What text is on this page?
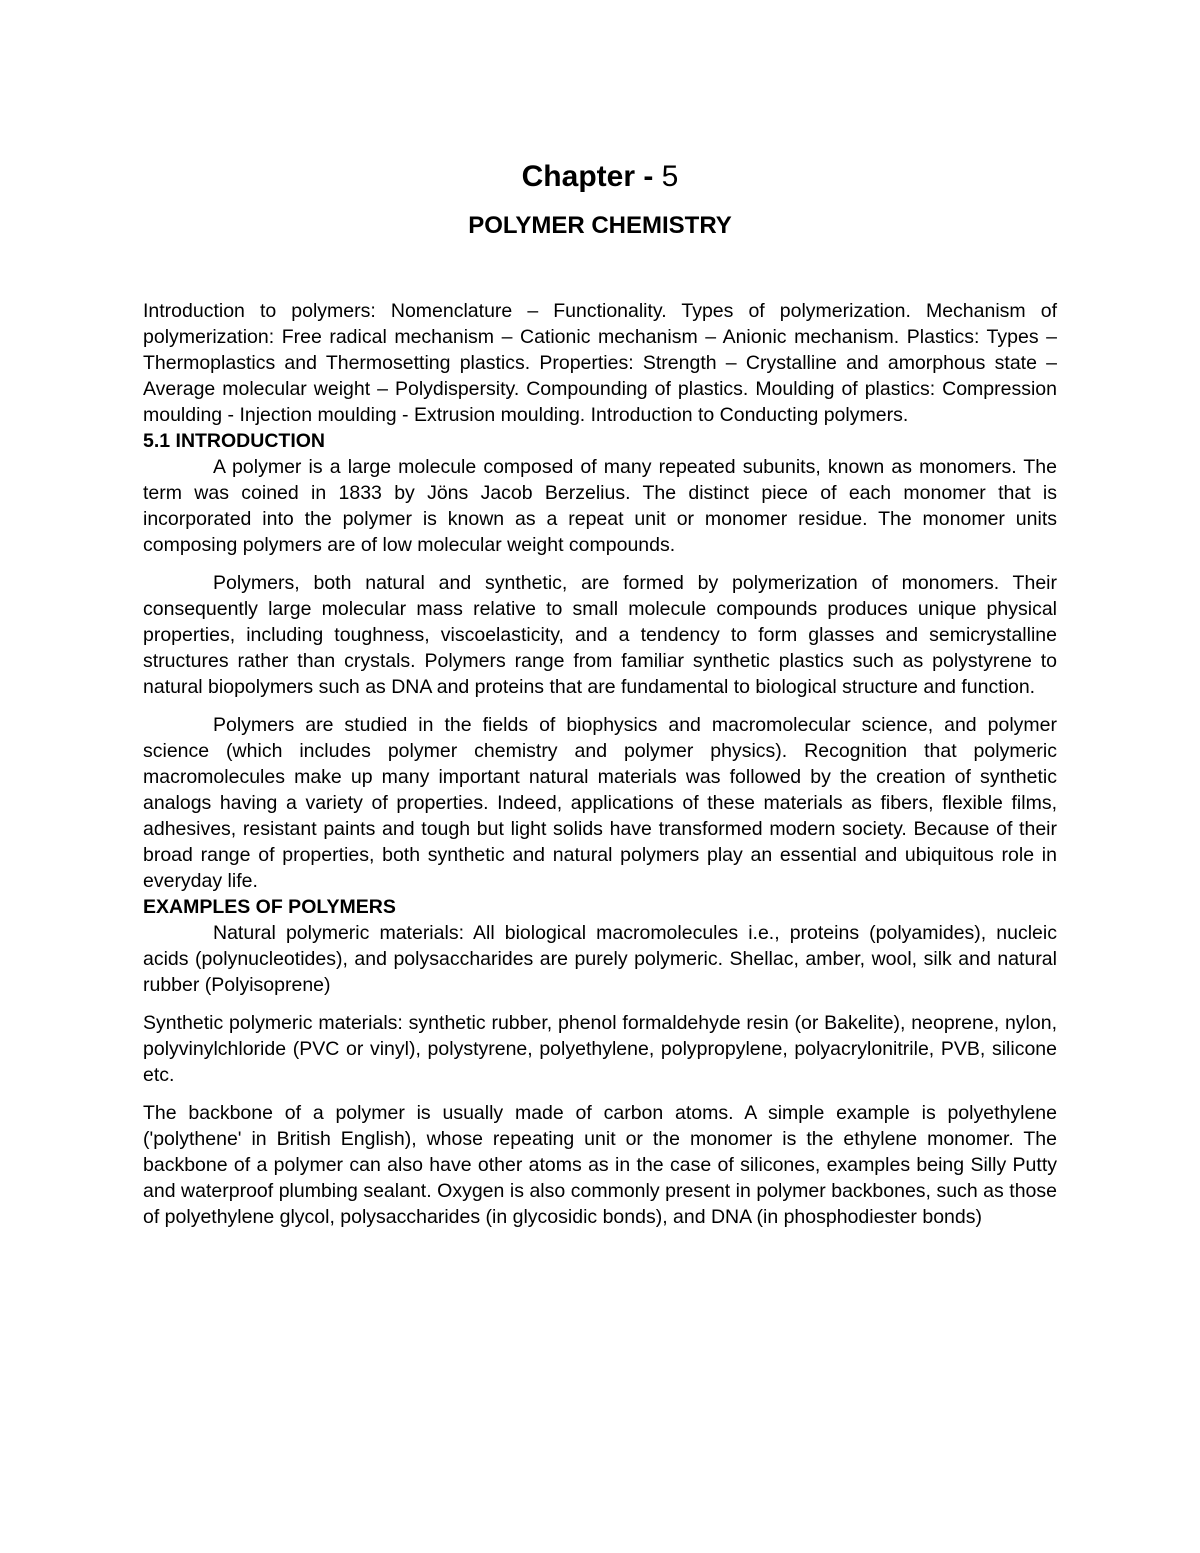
Chapter - 5
POLYMER CHEMISTRY

Introduction to polymers: Nomenclature – Functionality. Types of polymerization. Mechanism of polymerization: Free radical mechanism – Cationic mechanism – Anionic mechanism. Plastics: Types – Thermoplastics and Thermosetting plastics. Properties: Strength – Crystalline and amorphous state – Average molecular weight – Polydispersity. Compounding of plastics. Moulding of plastics: Compression moulding - Injection moulding - Extrusion moulding. Introduction to Conducting polymers.

5.1 INTRODUCTION

A polymer is a large molecule composed of many repeated subunits, known as monomers. The term was coined in 1833 by Jöns Jacob Berzelius. The distinct piece of each monomer that is incorporated into the polymer is known as a repeat unit or monomer residue. The monomer units composing polymers are of low molecular weight compounds.

Polymers, both natural and synthetic, are formed by polymerization of monomers. Their consequently large molecular mass relative to small molecule compounds produces unique physical properties, including toughness, viscoelasticity, and a tendency to form glasses and semicrystalline structures rather than crystals. Polymers range from familiar synthetic plastics such as polystyrene to natural biopolymers such as DNA and proteins that are fundamental to biological structure and function.

Polymers are studied in the fields of biophysics and macromolecular science, and polymer science (which includes polymer chemistry and polymer physics). Recognition that polymeric macromolecules make up many important natural materials was followed by the creation of synthetic analogs having a variety of properties. Indeed, applications of these materials as fibers, flexible films, adhesives, resistant paints and tough but light solids have transformed modern society. Because of their broad range of properties, both synthetic and natural polymers play an essential and ubiquitous role in everyday life.

EXAMPLES OF POLYMERS

Natural polymeric materials: All biological macromolecules i.e., proteins (polyamides), nucleic acids (polynucleotides), and polysaccharides are purely polymeric. Shellac, amber, wool, silk and natural rubber (Polyisoprene)

Synthetic polymeric materials: synthetic rubber, phenol formaldehyde resin (or Bakelite), neoprene, nylon, polyvinylchloride (PVC or vinyl), polystyrene, polyethylene, polypropylene, polyacrylonitrile, PVB, silicone etc.

The backbone of a polymer is usually made of carbon atoms. A simple example is polyethylene ('polythene' in British English), whose repeating unit or the monomer is the ethylene monomer. The backbone of a polymer can also have other atoms as in the case of silicones, examples being Silly Putty and waterproof plumbing sealant. Oxygen is also commonly present in polymer backbones, such as those of polyethylene glycol, polysaccharides (in glycosidic bonds), and DNA (in phosphodiester bonds)
